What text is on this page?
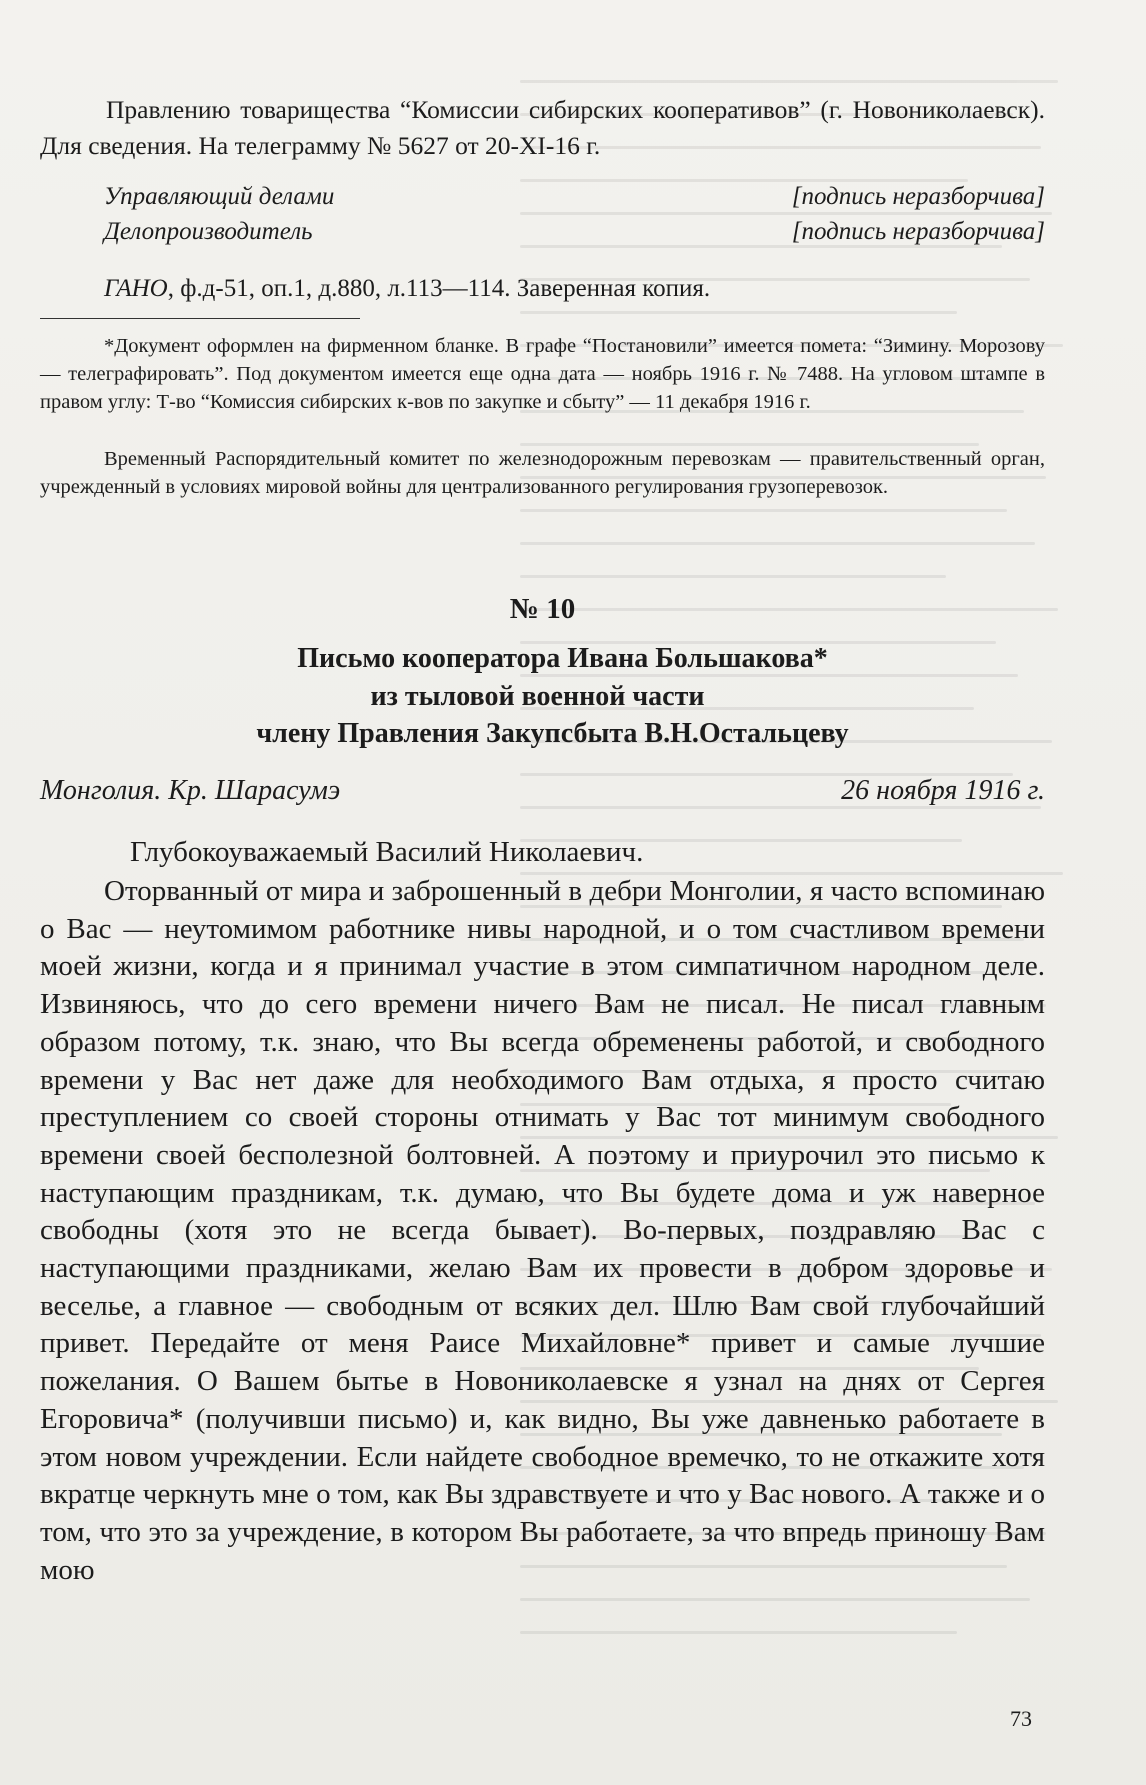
Правлению товарищества “Комиссии сибирских кооперативов” (г. Новониколаевск). Для сведения. На телеграмму № 5627 от 20-XI-16 г.
Управляющий делами	[подпись неразборчива]
Делопроизводитель	[подпись неразборчива]
ГАНО, ф.д-51, оп.1, д.880, л.113—114. Заверенная копия.
*Документ оформлен на фирменном бланке. В графе “Постановили” имеется помета: “Зимину. Морозову — телеграфировать”. Под документом имеется еще одна дата — ноябрь 1916 г. № 7488. На угловом штампе в правом углу: Т-во “Комиссия сибирских к-вов по закупке и сбыту” — 11 декабря 1916 г.
Временный Распорядительный комитет по железнодорожным перевозкам — правительственный орган, учрежденный в условиях мировой войны для централизованного регулирования грузоперевозок.
№ 10
Письмо кооператора Ивана Большакова*
из тыловой военной части
члену Правления Закупсбыта В.Н.Остальцеву
Монголия. Кр. Шарасумэ	26 ноября 1916 г.
Глубокоуважаемый Василий Николаевич.
Оторванный от мира и заброшенный в дебри Монголии, я часто вспоминаю о Вас — неутомимом работнике нивы народной, и о том счастливом времени моей жизни, когда и я принимал участие в этом симпатичном народном деле. Извиняюсь, что до сего времени ничего Вам не писал. Не писал главным образом потому, т.к. знаю, что Вы всегда обременены работой, и свободного времени у Вас нет даже для необходимого Вам отдыха, я просто считаю преступлением со своей стороны отнимать у Вас тот минимум свободного времени своей бесполезной болтовней. А поэтому и приурочил это письмо к наступающим праздникам, т.к. думаю, что Вы будете дома и уж наверное свободны (хотя это не всегда бывает). Во-первых, поздравляю Вас с наступающими праздниками, желаю Вам их провести в добром здоровье и веселье, а главное — свободным от всяких дел. Шлю Вам свой глубочайший привет. Передайте от меня Раисе Михайловне* привет и самые лучшие пожелания. О Вашем бытье в Новониколаевске я узнал на днях от Сергея Егоровича* (получивши письмо) и, как видно, Вы уже давненько работаете в этом новом учреждении. Если найдете свободное времечко, то не откажите хотя вкратце черкнуть мне о том, как Вы здравствуете и что у Вас нового. А также и о том, что это за учреждение, в котором Вы работаете, за что впредь приношу Вам мою
73
